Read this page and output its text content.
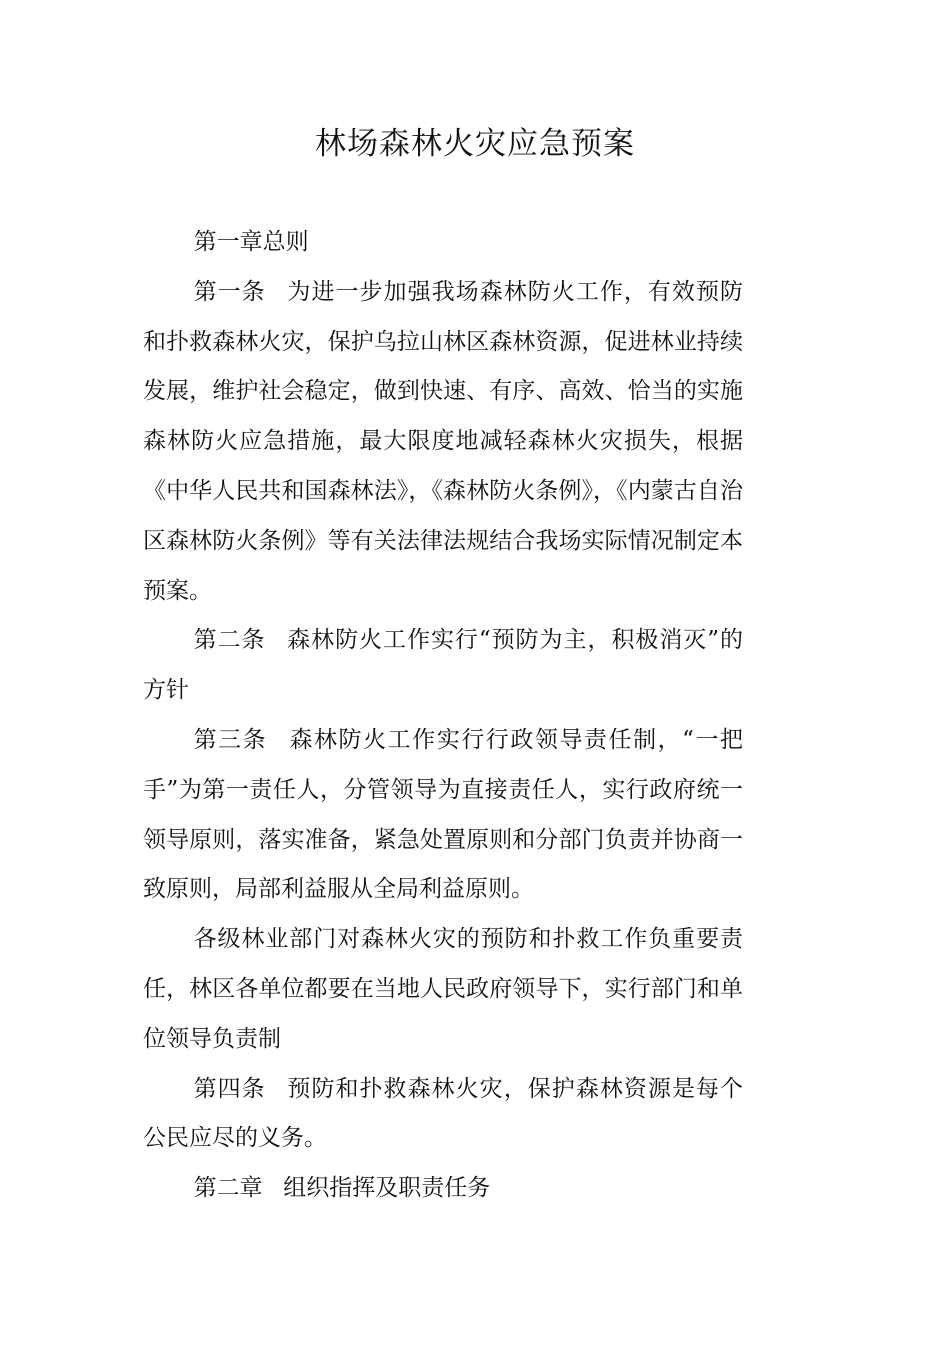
林场森林火灾应急预案

第一章总则

第一条 为进一步加强我场森林防火工作，有效预防和扑救森林火灾，保护乌拉山林区森林资源，促进林业持续发展，维护社会稳定，做到快速、有序、高效、恰当的实施森林防火应急措施，最大限度地减轻森林火灾损失，根据《中华人民共和国森林法》，《森林防火条例》，《内蒙古自治区森林防火条例》等有关法律法规结合我场实际情况制定本预案。

第二条 森林防火工作实行“预防为主，积极消灭”的方针

第三条 森林防火工作实行行政领导责任制，“一把手”为第一责任人，分管领导为直接责任人，实行政府统一领导原则，落实准备，紧急处置原则和分部门负责并协商一致原则，局部利益服从全局利益原则。

各级林业部门对森林火灾的预防和扑救工作负重要责任，林区各单位都要在当地人民政府领导下，实行部门和单位领导负责制

第四条 预防和扑救森林火灾，保护森林资源是每个公民应尽的义务。

第二章 组织指挥及职责任务
